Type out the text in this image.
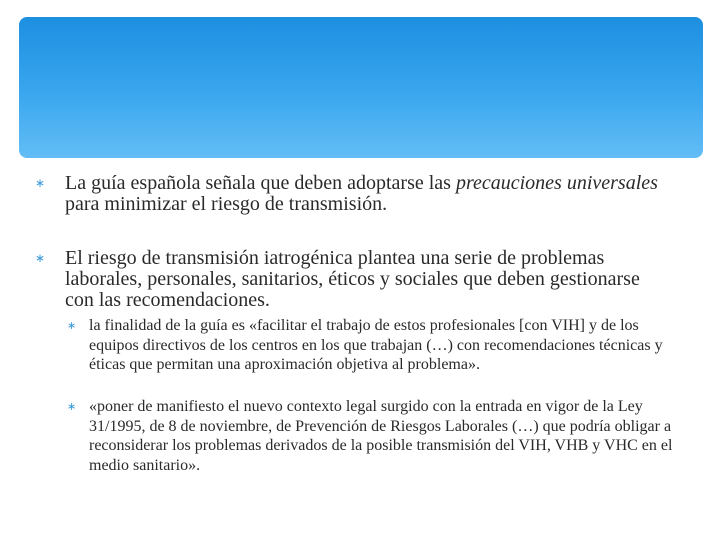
∗ La guía española señala que deben adoptarse las precauciones universales para minimizar el riesgo de transmisión.
∗ El riesgo de transmisión iatrogénica plantea una serie de problemas laborales, personales, sanitarios, éticos y sociales que deben gestionarse con las recomendaciones.
∗ la finalidad de la guía es «facilitar el trabajo de estos profesionales [con VIH] y de los equipos directivos de los centros en los que trabajan (…) con recomendaciones técnicas y éticas que permitan una aproximación objetiva al problema».
∗ «poner de manifiesto el nuevo contexto legal surgido con la entrada en vigor de la Ley 31/1995, de 8 de noviembre, de Prevención de Riesgos Laborales (…) que podría obligar a reconsiderar los problemas derivados de la posible transmisión del VIH, VHB y VHC en el medio sanitario».
